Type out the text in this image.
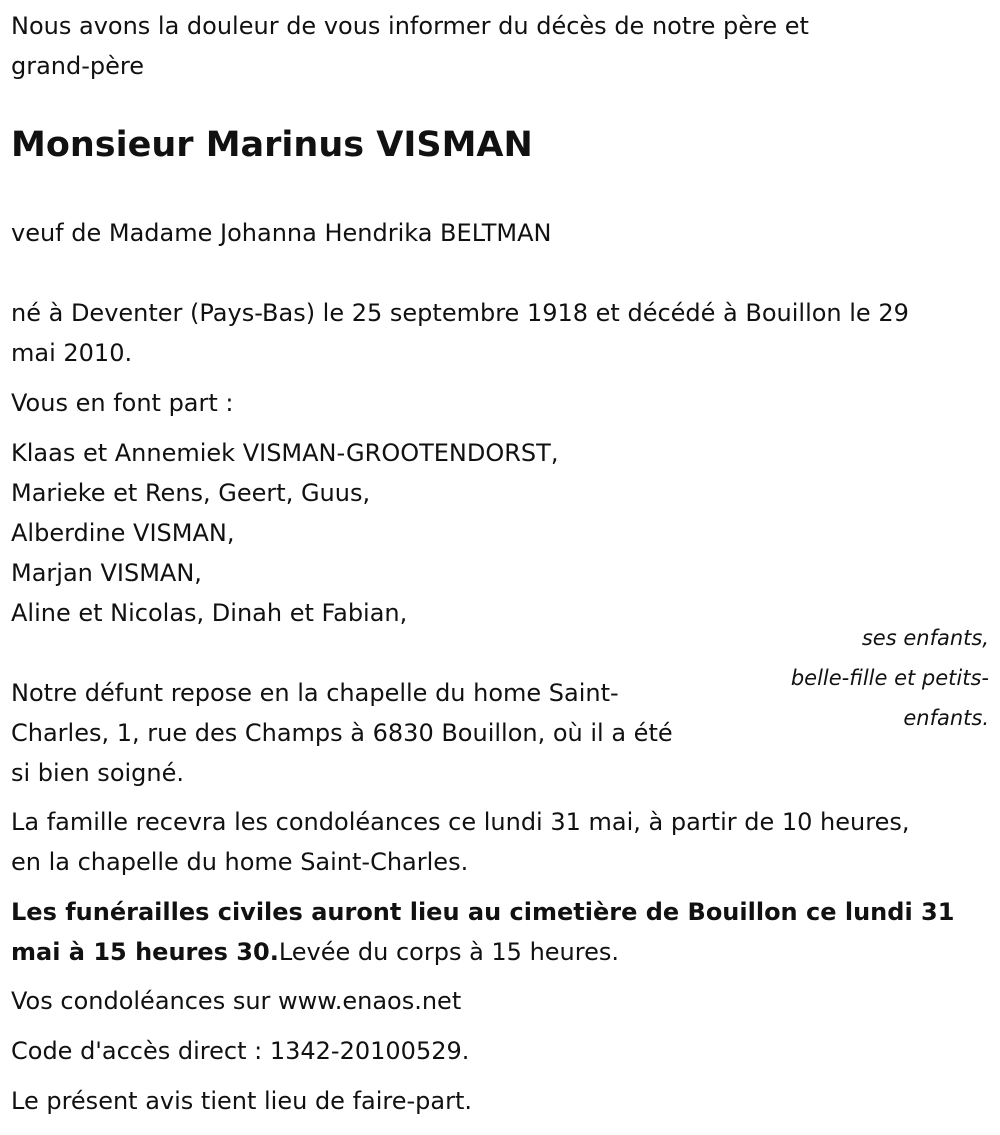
Nous avons la douleur de vous informer du décès de notre père et
grand-père
Monsieur Marinus VISMAN

veuf de Madame Johanna Hendrika BELTMAN

né à Deventer (Pays-Bas) le 25 septembre 1918 et décédé à Bouillon le 29
mai 2010.

Vous en font part :

Klaas et Annemiek VISMAN-GROOTENDORST,
Marieke et Rens, Geert, Guus,
Alberdine VISMAN,
Marjan VISMAN,
Aline et Nicolas, Dinah et Fabian,
ses enfants,
belle-fille et petits-
enfants.
Notre défunt repose en la chapelle du home Saint-
Charles, 1, rue des Champs à 6830 Bouillon, où il a été
si bien soigné.
La famille recevra les condoléances ce lundi 31 mai, à partir de 10 heures,
en la chapelle du home Saint-Charles.
Les funérailles civiles auront lieu au cimetière de Bouillon ce lundi 31
mai à 15 heures 30.Levée du corps à 15 heures.

Vos condoléances sur www.enaos.net

Code d'accès direct : 1342-20100529.

Le présent avis tient lieu de faire-part.
